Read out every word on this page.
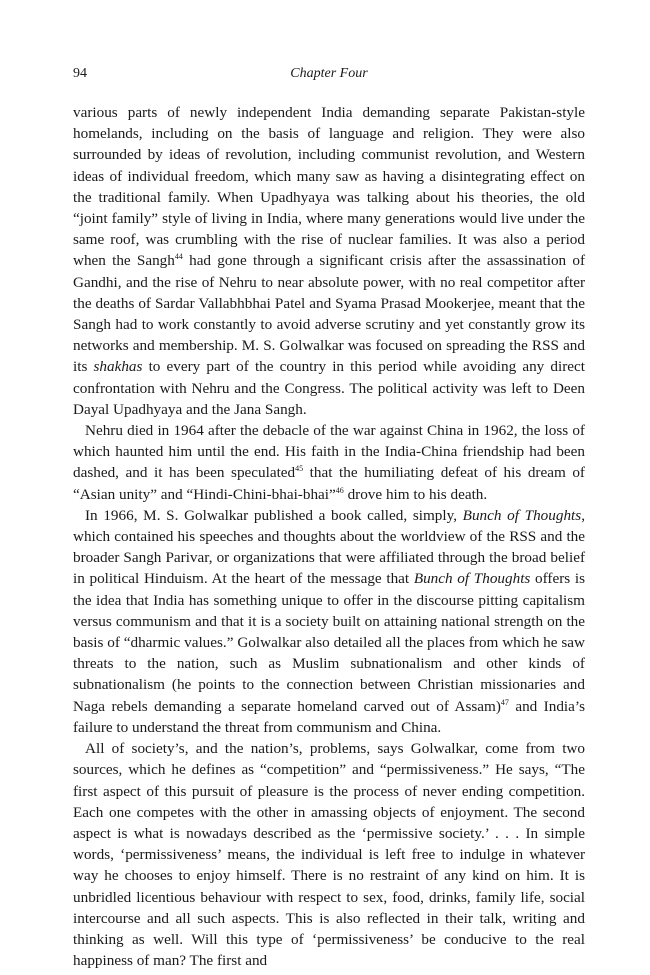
94	Chapter Four

various parts of newly independent India demanding separate Pakistan-style homelands, including on the basis of language and religion. They were also surrounded by ideas of revolution, including communist revolution, and Western ideas of individual freedom, which many saw as having a disintegrating effect on the traditional family. When Upadhyaya was talking about his theories, the old “joint family” style of living in India, where many generations would live under the same roof, was crumbling with the rise of nuclear families. It was also a period when the Sangh$^{44}$ had gone through a significant crisis after the assassination of Gandhi, and the rise of Nehru to near absolute power, with no real competitor after the deaths of Sardar Vallabhbhai Patel and Syama Prasad Mookerjee, meant that the Sangh had to work constantly to avoid adverse scrutiny and yet constantly grow its networks and membership. M. S. Golwalkar was focused on spreading the RSS and its shakhas to every part of the country in this period while avoiding any direct confrontation with Nehru and the Congress. The political activity was left to Deen Dayal Upadhyaya and the Jana Sangh.

Nehru died in 1964 after the debacle of the war against China in 1962, the loss of which haunted him until the end. His faith in the India-China friendship had been dashed, and it has been speculated$^{45}$ that the humiliating defeat of his dream of “Asian unity” and “Hindi-Chini-bhai-bhai”$^{46}$ drove him to his death.

In 1966, M. S. Golwalkar published a book called, simply, Bunch of Thoughts, which contained his speeches and thoughts about the worldview of the RSS and the broader Sangh Parivar, or organizations that were affiliated through the broad belief in political Hinduism. At the heart of the message that Bunch of Thoughts offers is the idea that India has something unique to offer in the discourse pitting capitalism versus communism and that it is a society built on attaining national strength on the basis of “dharmic values.” Golwalkar also detailed all the places from which he saw threats to the nation, such as Muslim subnationalism and other kinds of subnationalism (he points to the connection between Christian missionaries and Naga rebels demanding a separate homeland carved out of Assam)$^{47}$ and India’s failure to understand the threat from communism and China.

All of society’s, and the nation’s, problems, says Golwalkar, come from two sources, which he defines as “competition” and “permissiveness.” He says, “The first aspect of this pursuit of pleasure is the process of never ending competition. Each one competes with the other in amassing objects of enjoyment. The second aspect is what is nowadays described as the ‘permissive society.’ . . . In simple words, ‘permissiveness’ means, the individual is left free to indulge in whatever way he chooses to enjoy himself. There is no restraint of any kind on him. It is unbridled licentious behaviour with respect to sex, food, drinks, family life, social intercourse and all such aspects. This is also reflected in their talk, writing and thinking as well. Will this type of ‘permissiveness’ be conducive to the real happiness of man? The first and
